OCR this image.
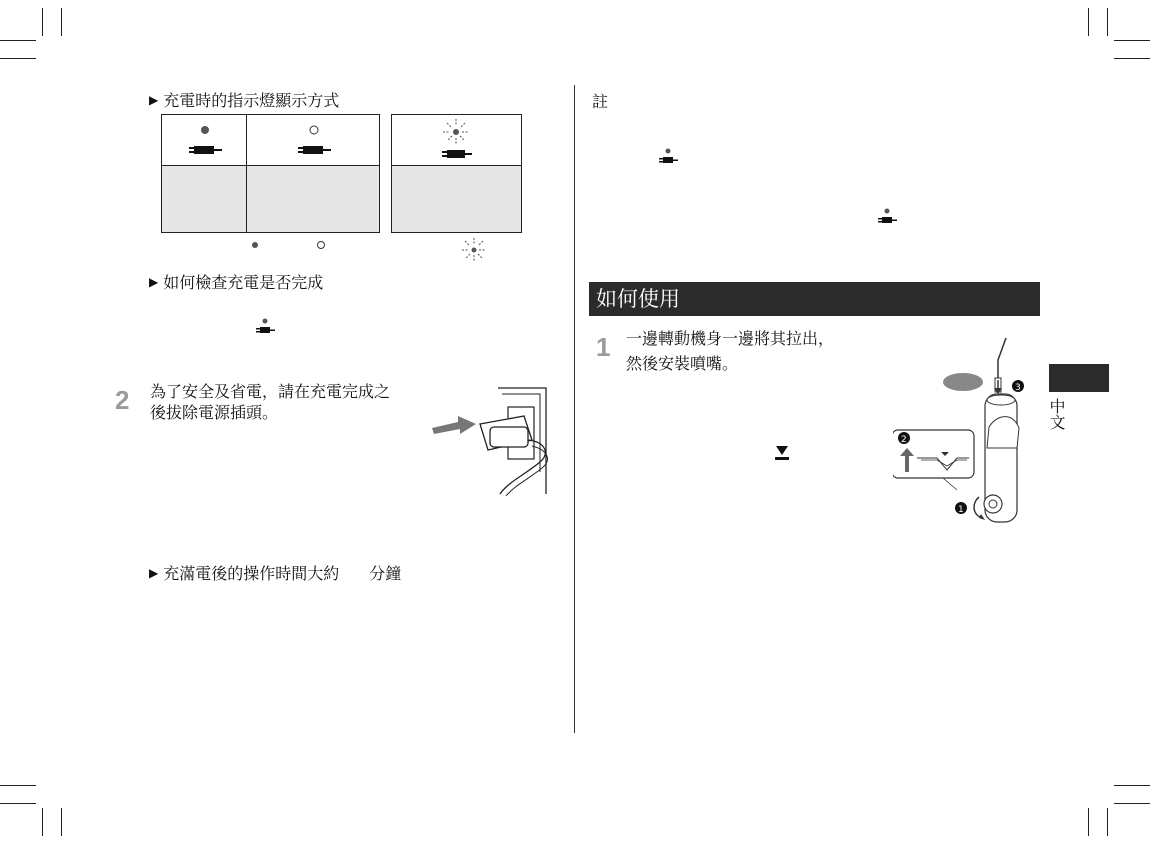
▶ 充電時的指示燈顯示方式
▶ 如何檢查充電是否完成
2 為了安全及省電，請在充電完成之
後拔除電源插頭。
▶ 充滿電後的操作時間大約 分鐘
註
如何使用
1 一邊轉動機身一邊將其拉出，
然後安裝噴嘴。
3
2
1
中文
